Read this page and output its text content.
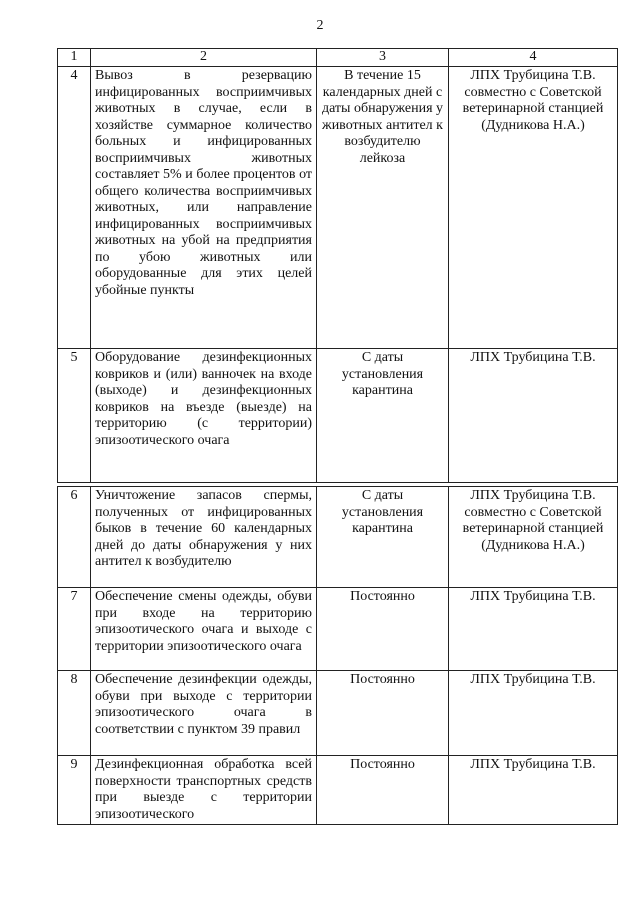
2
1	2	3	4
4	Вывоз в резервацию инфицированных восприимчивых животных в случае, если в хозяйстве суммарное количество больных и инфицированных восприимчивых животных составляет 5% и более процентов от общего количества восприимчивых животных, или направление инфицированных восприимчивых животных на убой на предприятия по убою животных или оборудованные для этих целей убойные пункты	В течение 15 календарных дней с даты обнаружения у животных антител к возбудителю лейкоза	ЛПХ Трубицина Т.В. совместно с Советской ветеринарной станцией (Дудникова Н.А.)
5	Оборудование дезинфекционных ковриков и (или) ванночек на входе (выходе) и дезинфекционных ковриков на въезде (выезде) на территорию (с территории) эпизоотического очага	С даты установления карантина	ЛПХ Трубицина Т.В.

6	Уничтожение запасов спермы, полученных от инфицированных быков в течение 60 календарных дней до даты обнаружения у них антител к возбудителю	С даты установления карантина	ЛПХ Трубицина Т.В. совместно с Советской ветеринарной станцией (Дудникова Н.А.)
7	Обеспечение смены одежды, обуви при входе на территорию эпизоотического очага и выходе с территории эпизоотического очага	Постоянно	ЛПХ Трубицина Т.В.
8	Обеспечение дезинфекции одежды, обуви при выходе с территории эпизоотического очага в соответствии с пунктом 39 правил	Постоянно	ЛПХ Трубицина Т.В.
9	Дезинфекционная обработка всей поверхности транспортных средств при выезде с территории эпизоотического	Постоянно	ЛПХ Трубицина Т.В.
